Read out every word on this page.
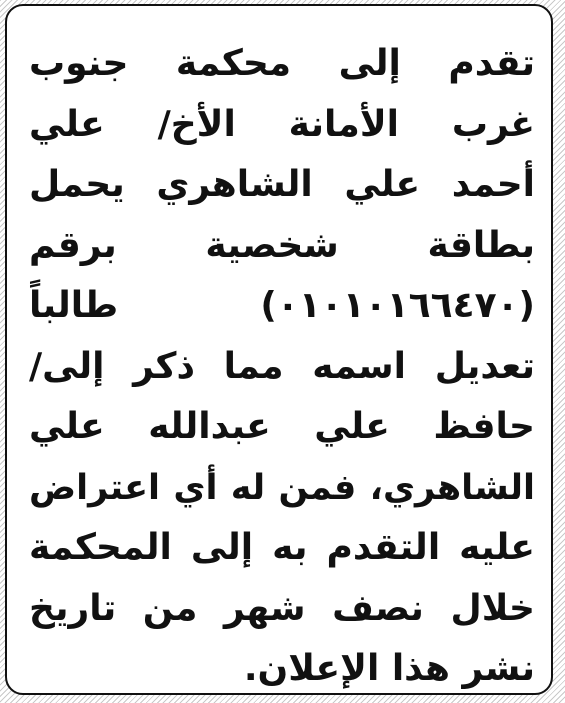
تقدم إلى محكمة جنوب
غرب الأمانة الأخ/ علي
أحمد علي الشاهري يحمل
بطاقة شخصية برقم
(٠١٠١٠١٦٦٤٧٠) طالباً
تعديل اسمه مما ذكر إلى/
حافظ علي عبدالله علي
الشاهري، فمن له أي اعتراض
عليه التقدم به إلى المحكمة
خلال نصف شهر من تاريخ
نشر هذا الإعلان.
